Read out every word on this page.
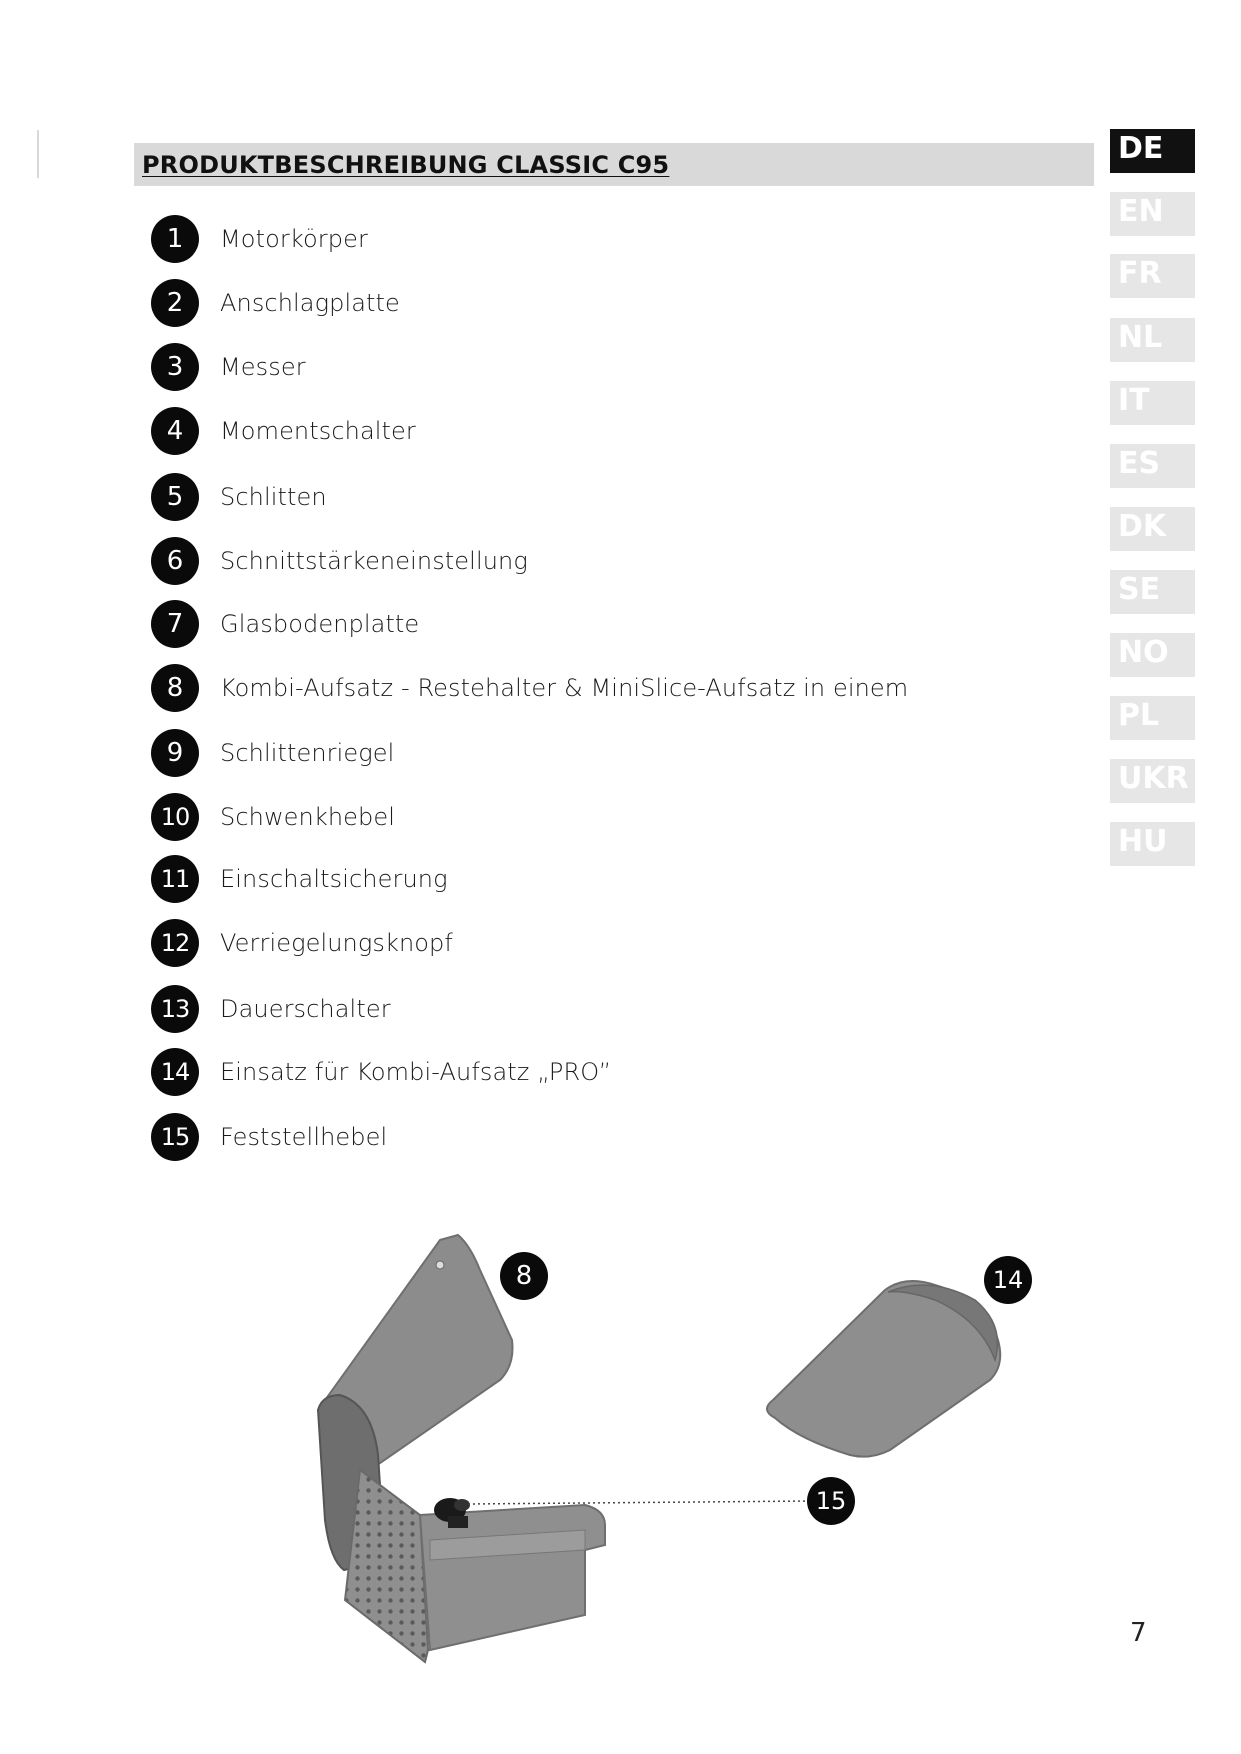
PRODUKTBESCHREIBUNG CLASSIC C95	DE
EN
FR
NL
IT
ES
DK
SE
NO
PL
UKR
HU
1	Motorkörper
2	Anschlagplatte
3	Messer
4	Momentschalter
5	Schlitten
6	Schnittstärkeneinstellung
7	Glasbodenplatte
8	Kombi-Aufsatz - Restehalter & MiniSlice-Aufsatz in einem
9	Schlittenriegel
10	Schwenkhebel
11	Einschaltsicherung
12	Verriegelungsknopf
13	Dauerschalter
14	Einsatz für Kombi-Aufsatz „PRO”
15	Feststellhebel
8	14
15
7
